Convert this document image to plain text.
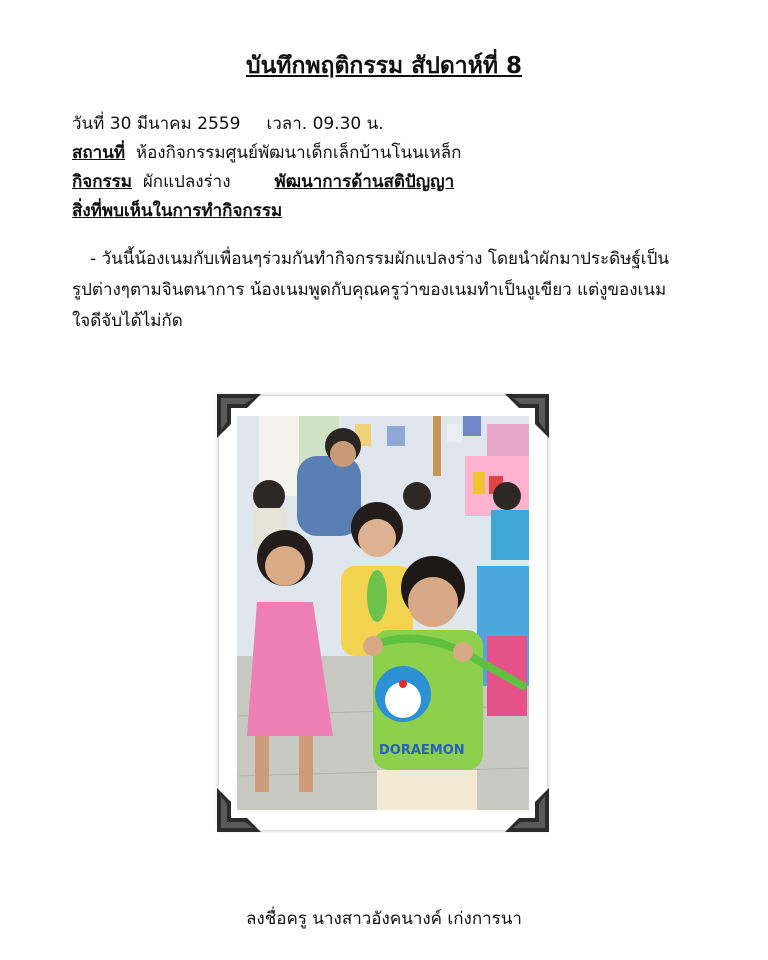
บันทึกพฤติกรรม สัปดาห์ที่ 8
วันที่ 30 มีนาคม 2559 เวลา. 09.30 น.
สถานที่ ห้องกิจกรรมศูนย์พัฒนาเด็กเล็กบ้านโนนเหล็ก
กิจกรรม ผักแปลงร่าง	พัฒนาการด้านสติปัญญา
สิ่งที่พบเห็นในการทำกิจกรรม
- วันนี้น้องเนมกับเพื่อนๆร่วมกันทำกิจกรรมผักแปลงร่าง โดยนำผักมาประดิษฐ์เป็นรูปต่างๆตามจินตนาการ น้องเนมพูดกับคุณครูว่าของเนมทำเป็นงูเขียว แต่งูของเนมใจดีจับได้ไม่กัด
DORAEMON
ลงชื่อครู นางสาวอังคนางค์ เก่งการนา
